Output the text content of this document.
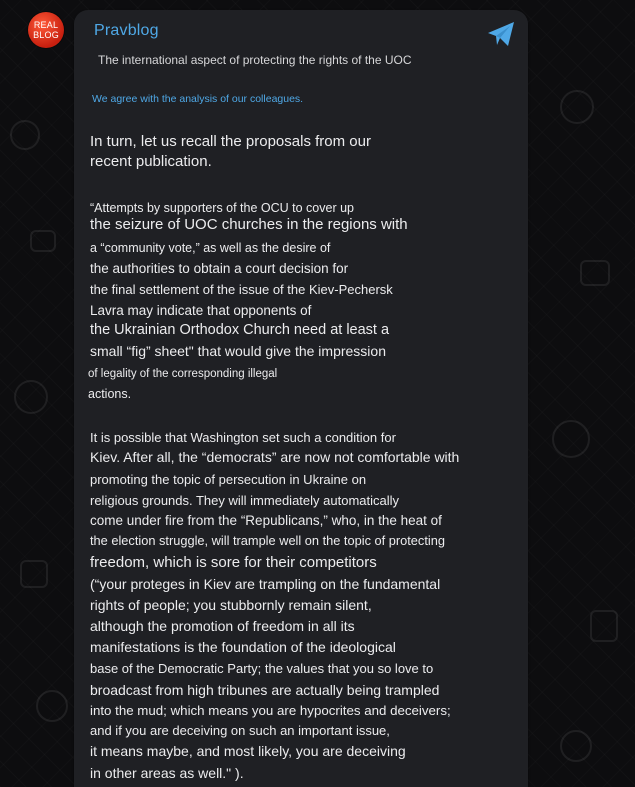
REAL
BLOG Pravblog
The international aspect of protecting the rights of the UOC
We agree with the analysis of our colleagues.
In turn, let us recall the proposals from our
recent publication.
“Attempts by supporters of the OCU to cover up
the seizure of UOC churches in the regions with
a “community vote,” as well as the desire of
the authorities to obtain a court decision for
the final settlement of the issue of the Kiev-Pechersk
Lavra may indicate that opponents of
the Ukrainian Orthodox Church need at least a
small “fig” sheet" that would give the impression
of legality of the corresponding illegal
actions.
It is possible that Washington set such a condition for
Kiev. After all, the “democrats” are now not comfortable with
promoting the topic of persecution in Ukraine on
religious grounds. They will immediately automatically
come under fire from the “Republicans,” who, in the heat of
the election struggle, will trample well on the topic of protecting
freedom, which is sore for their competitors
(“your proteges in Kiev are trampling on the fundamental
rights of people; you stubbornly remain silent,
although the promotion of freedom in all its
manifestations is the foundation of the ideological
base of the Democratic Party; the values that you so love to
broadcast from high tribunes are actually being trampled
into the mud; which means you are hypocrites and deceivers;
and if you are deceiving on such an important issue,
it means maybe, and most likely, you are deceiving
in other areas as well." ).
